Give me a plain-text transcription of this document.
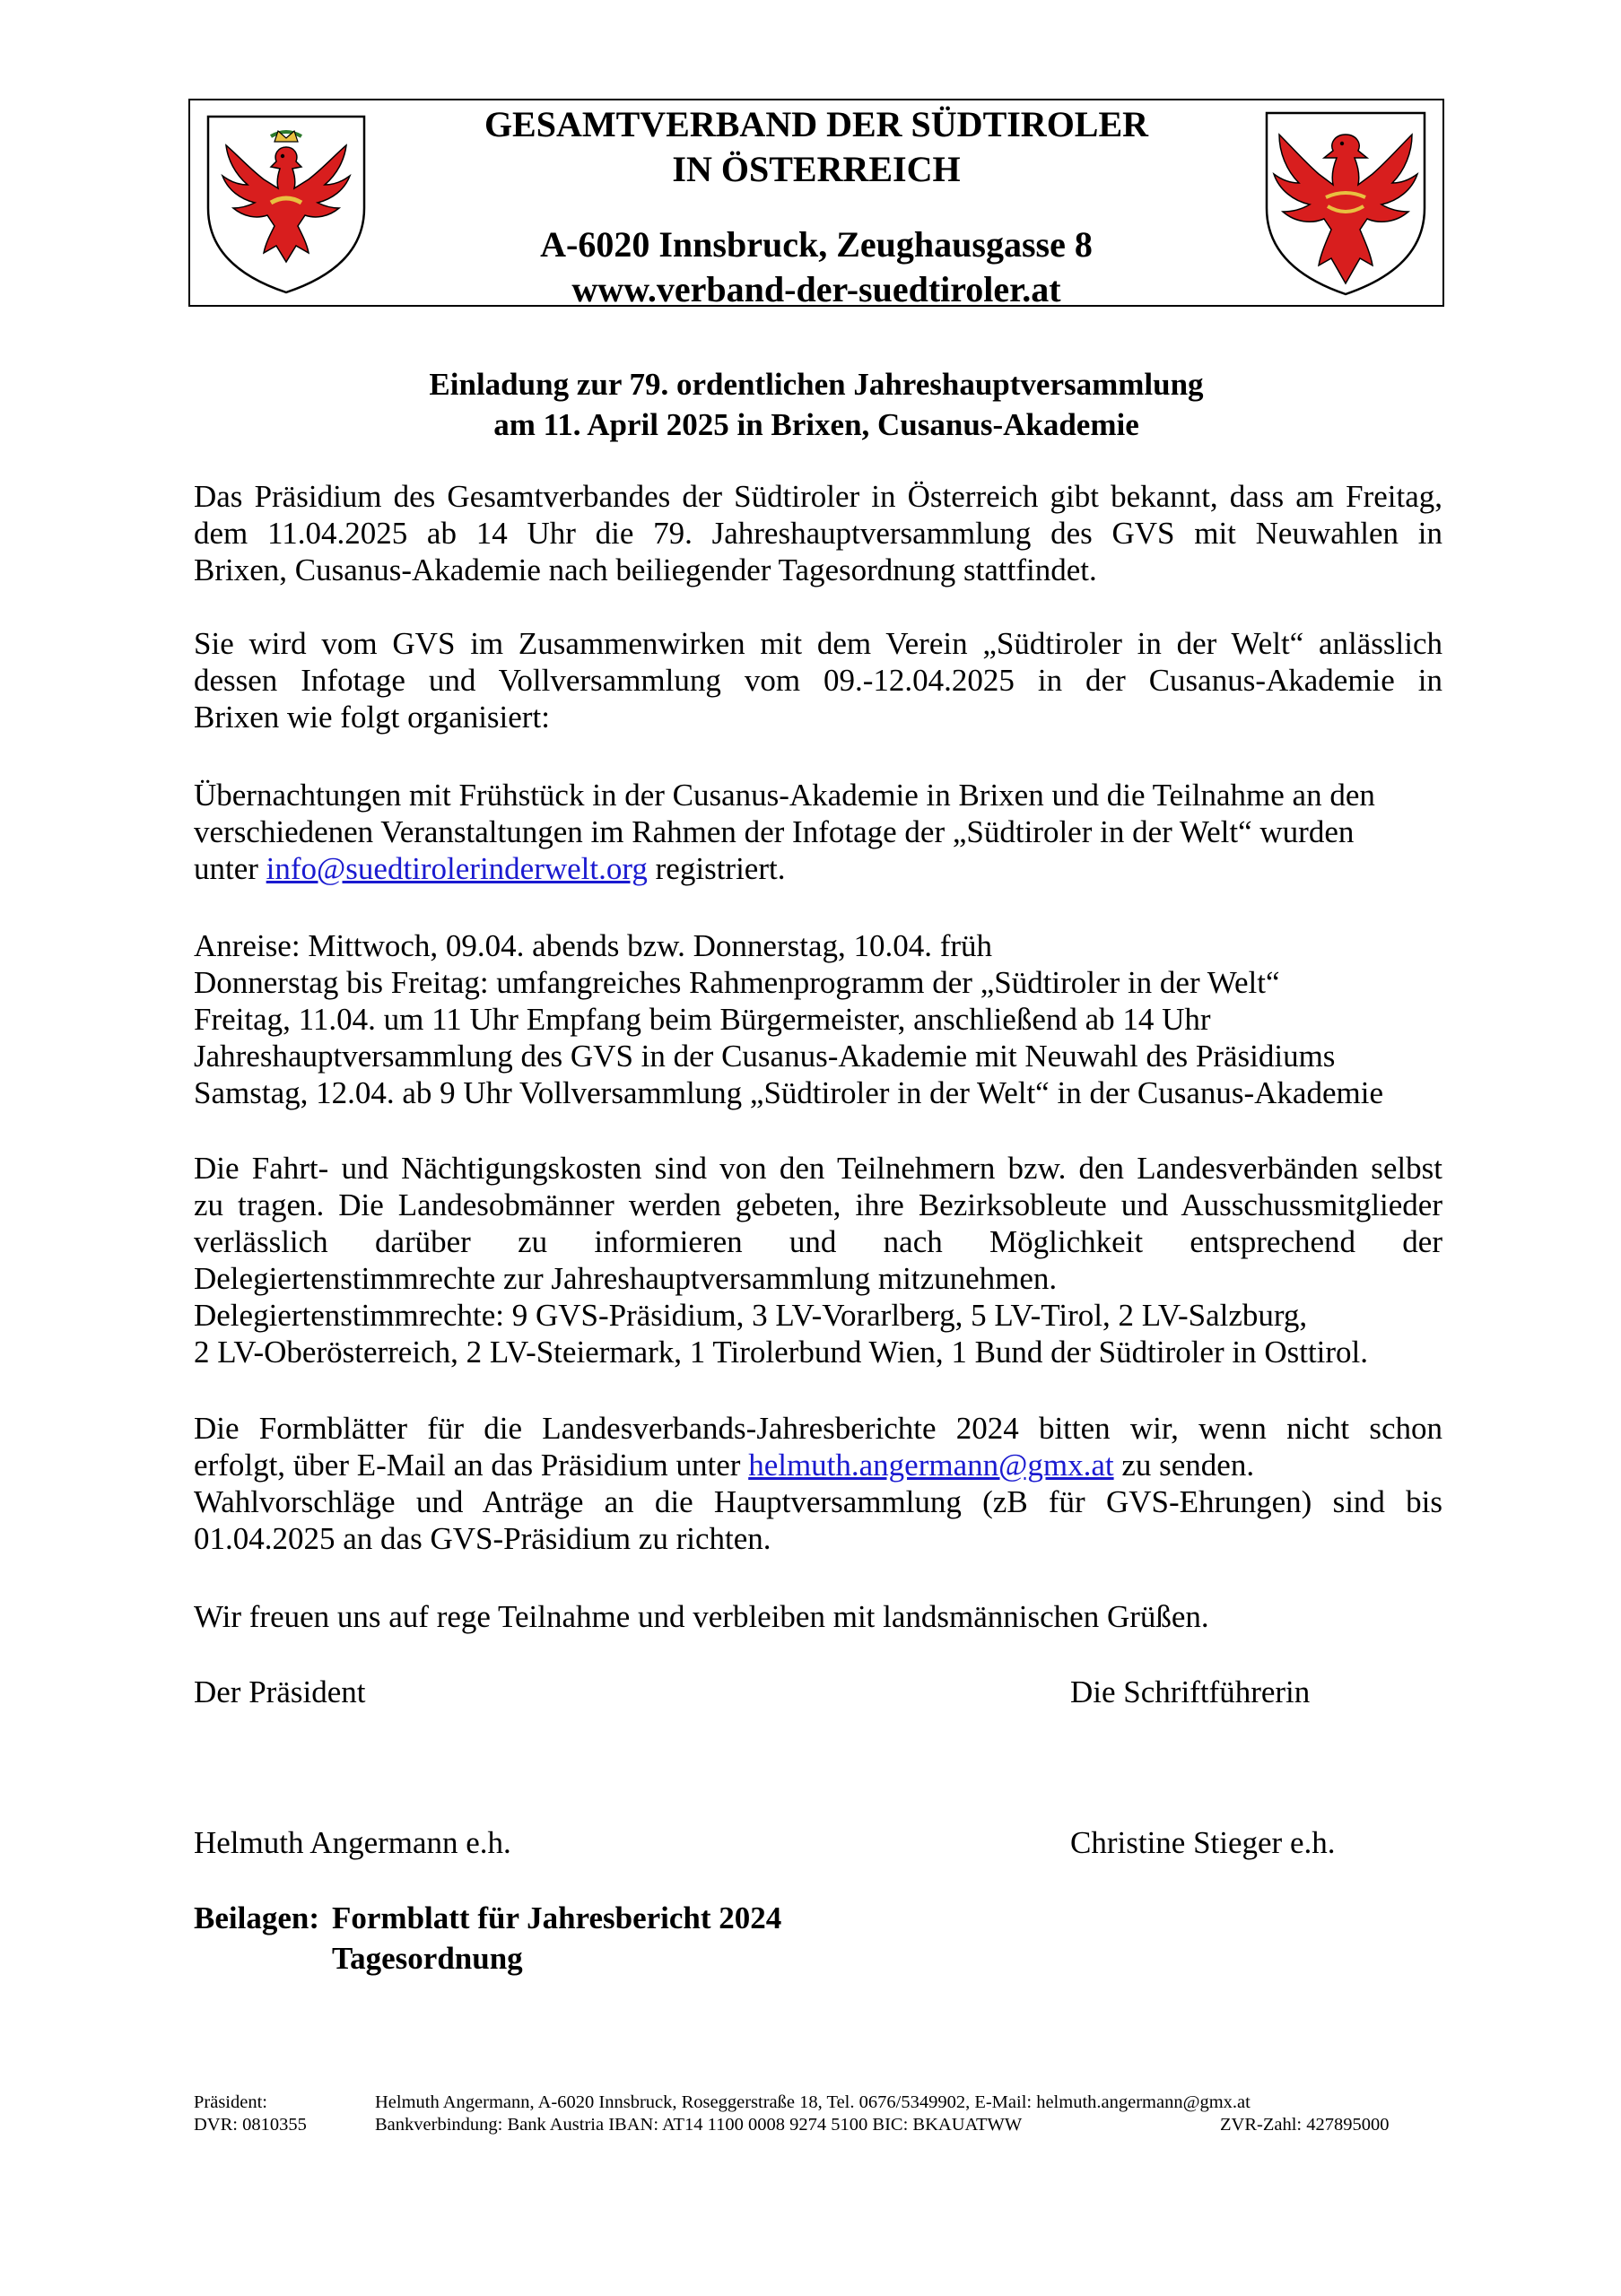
GESAMTVERBAND DER SÜDTIROLER
IN ÖSTERREICH
A-6020 Innsbruck, Zeughausgasse 8
www.verband-der-suedtiroler.at
Einladung zur 79. ordentlichen Jahreshauptversammlung
am 11. April 2025 in Brixen, Cusanus-Akademie
Das Präsidium des Gesamtverbandes der Südtiroler in Österreich gibt bekannt, dass am Freitag,
dem 11.04.2025 ab 14 Uhr die 79. Jahreshauptversammlung des GVS mit Neuwahlen in
Brixen, Cusanus-Akademie nach beiliegender Tagesordnung stattfindet.
Sie wird vom GVS im Zusammenwirken mit dem Verein „Südtiroler in der Welt“ anlässlich
dessen Infotage und Vollversammlung vom 09.-12.04.2025 in der Cusanus-Akademie in
Brixen wie folgt organisiert:
Übernachtungen mit Frühstück in der Cusanus-Akademie in Brixen und die Teilnahme an den
verschiedenen Veranstaltungen im Rahmen der Infotage der „Südtiroler in der Welt“ wurden
unter info@suedtirolerinderwelt.org registriert.
Anreise: Mittwoch, 09.04. abends bzw. Donnerstag, 10.04. früh
Donnerstag bis Freitag: umfangreiches Rahmenprogramm der „Südtiroler in der Welt“
Freitag, 11.04. um 11 Uhr Empfang beim Bürgermeister, anschließend ab 14 Uhr
Jahreshauptversammlung des GVS in der Cusanus-Akademie mit Neuwahl des Präsidiums
Samstag, 12.04. ab 9 Uhr Vollversammlung „Südtiroler in der Welt“ in der Cusanus-Akademie
Die Fahrt- und Nächtigungskosten sind von den Teilnehmern bzw. den Landesverbänden selbst
zu tragen. Die Landesobmänner werden gebeten, ihre Bezirksobleute und Ausschussmitglieder
verlässlich darüber zu informieren und nach Möglichkeit entsprechend der
Delegiertenstimmrechte zur Jahreshauptversammlung mitzunehmen.
Delegiertenstimmrechte: 9 GVS-Präsidium, 3 LV-Vorarlberg, 5 LV-Tirol, 2 LV-Salzburg,
2 LV-Oberösterreich, 2 LV-Steiermark, 1 Tirolerbund Wien, 1 Bund der Südtiroler in Osttirol.
Die Formblätter für die Landesverbands-Jahresberichte 2024 bitten wir, wenn nicht schon
erfolgt, über E-Mail an das Präsidium unter helmuth.angermann@gmx.at zu senden.
Wahlvorschläge und Anträge an die Hauptversammlung (zB für GVS-Ehrungen) sind bis
01.04.2025 an das GVS-Präsidium zu richten.
Wir freuen uns auf rege Teilnahme und verbleiben mit landsmännischen Grüßen.
Der Präsident	Die Schriftführerin
Helmuth Angermann e.h.	Christine Stieger e.h.
Beilagen: Formblatt für Jahresbericht 2024
Tagesordnung
Präsident:	Helmuth Angermann, A-6020 Innsbruck, Roseggerstraße 18, Tel. 0676/5349902, E-Mail: helmuth.angermann@gmx.at
DVR: 0810355	Bankverbindung: Bank Austria IBAN: AT14 1100 0008 9274 5100 BIC: BKAUATWW	ZVR-Zahl: 427895000
